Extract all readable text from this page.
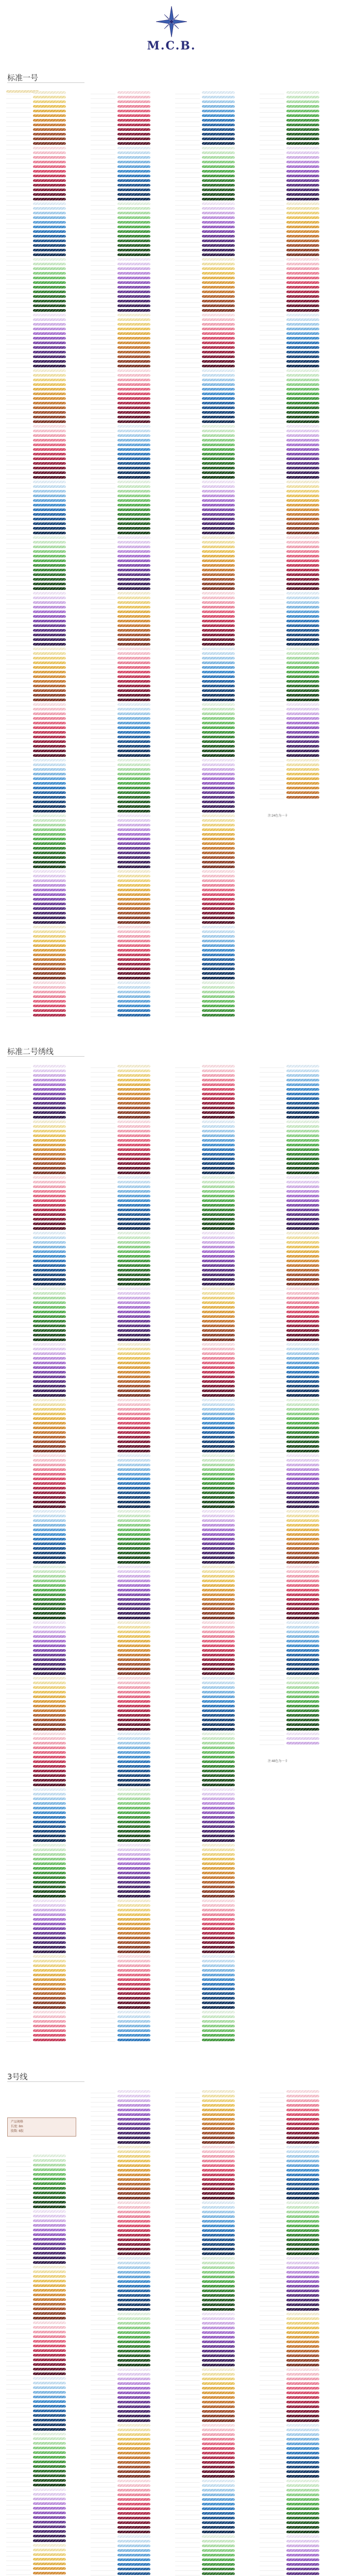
M.C.B.
标准一号
标准二号绣线
3号线
注:24色为一卡
注:48色为一卡
产品规格
长度: 8m
股数: 6股
